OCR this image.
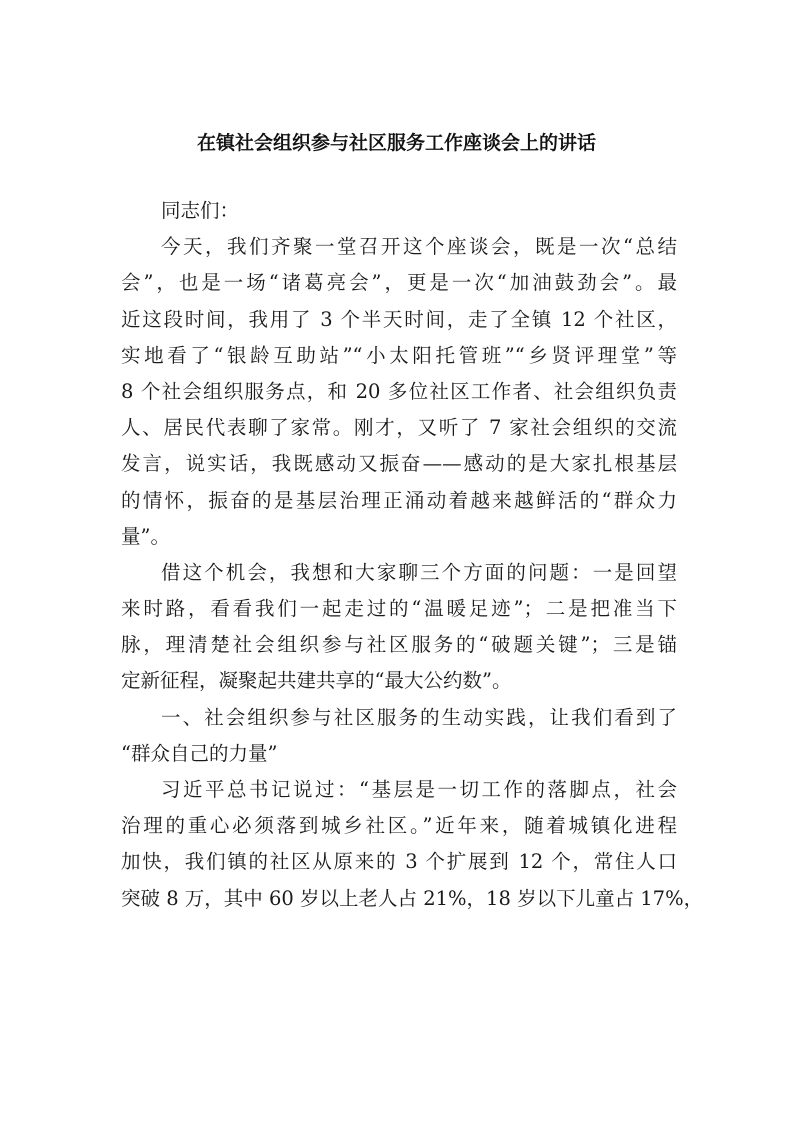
在镇社会组织参与社区服务工作座谈会上的讲话
同志们：
今天，我们齐聚一堂召开这个座谈会，既是一次“总结
会”，也是一场“诸葛亮会”，更是一次“加油鼓劲会”。最
近这段时间，我用了 3 个半天时间，走了全镇 12 个社区，
实地看了“银龄互助站”“小太阳托管班”“乡贤评理堂”等
8 个社会组织服务点，和 20 多位社区工作者、社会组织负责
人、居民代表聊了家常。刚才，又听了 7 家社会组织的交流
发言，说实话，我既感动又振奋——感动的是大家扎根基层
的情怀，振奋的是基层治理正涌动着越来越鲜活的“群众力
量”。
借这个机会，我想和大家聊三个方面的问题：一是回望
来时路，看看我们一起走过的“温暖足迹”；二是把准当下
脉，理清楚社会组织参与社区服务的“破题关键”；三是锚
定新征程，凝聚起共建共享的“最大公约数”。
一、社会组织参与社区服务的生动实践，让我们看到了
“群众自己的力量”
习近平总书记说过：“基层是一切工作的落脚点，社会
治理的重心必须落到城乡社区。”近年来，随着城镇化进程
加快，我们镇的社区从原来的 3 个扩展到 12 个，常住人口
突破 8 万，其中 60 岁以上老人占 21%，18 岁以下儿童占 17%，
